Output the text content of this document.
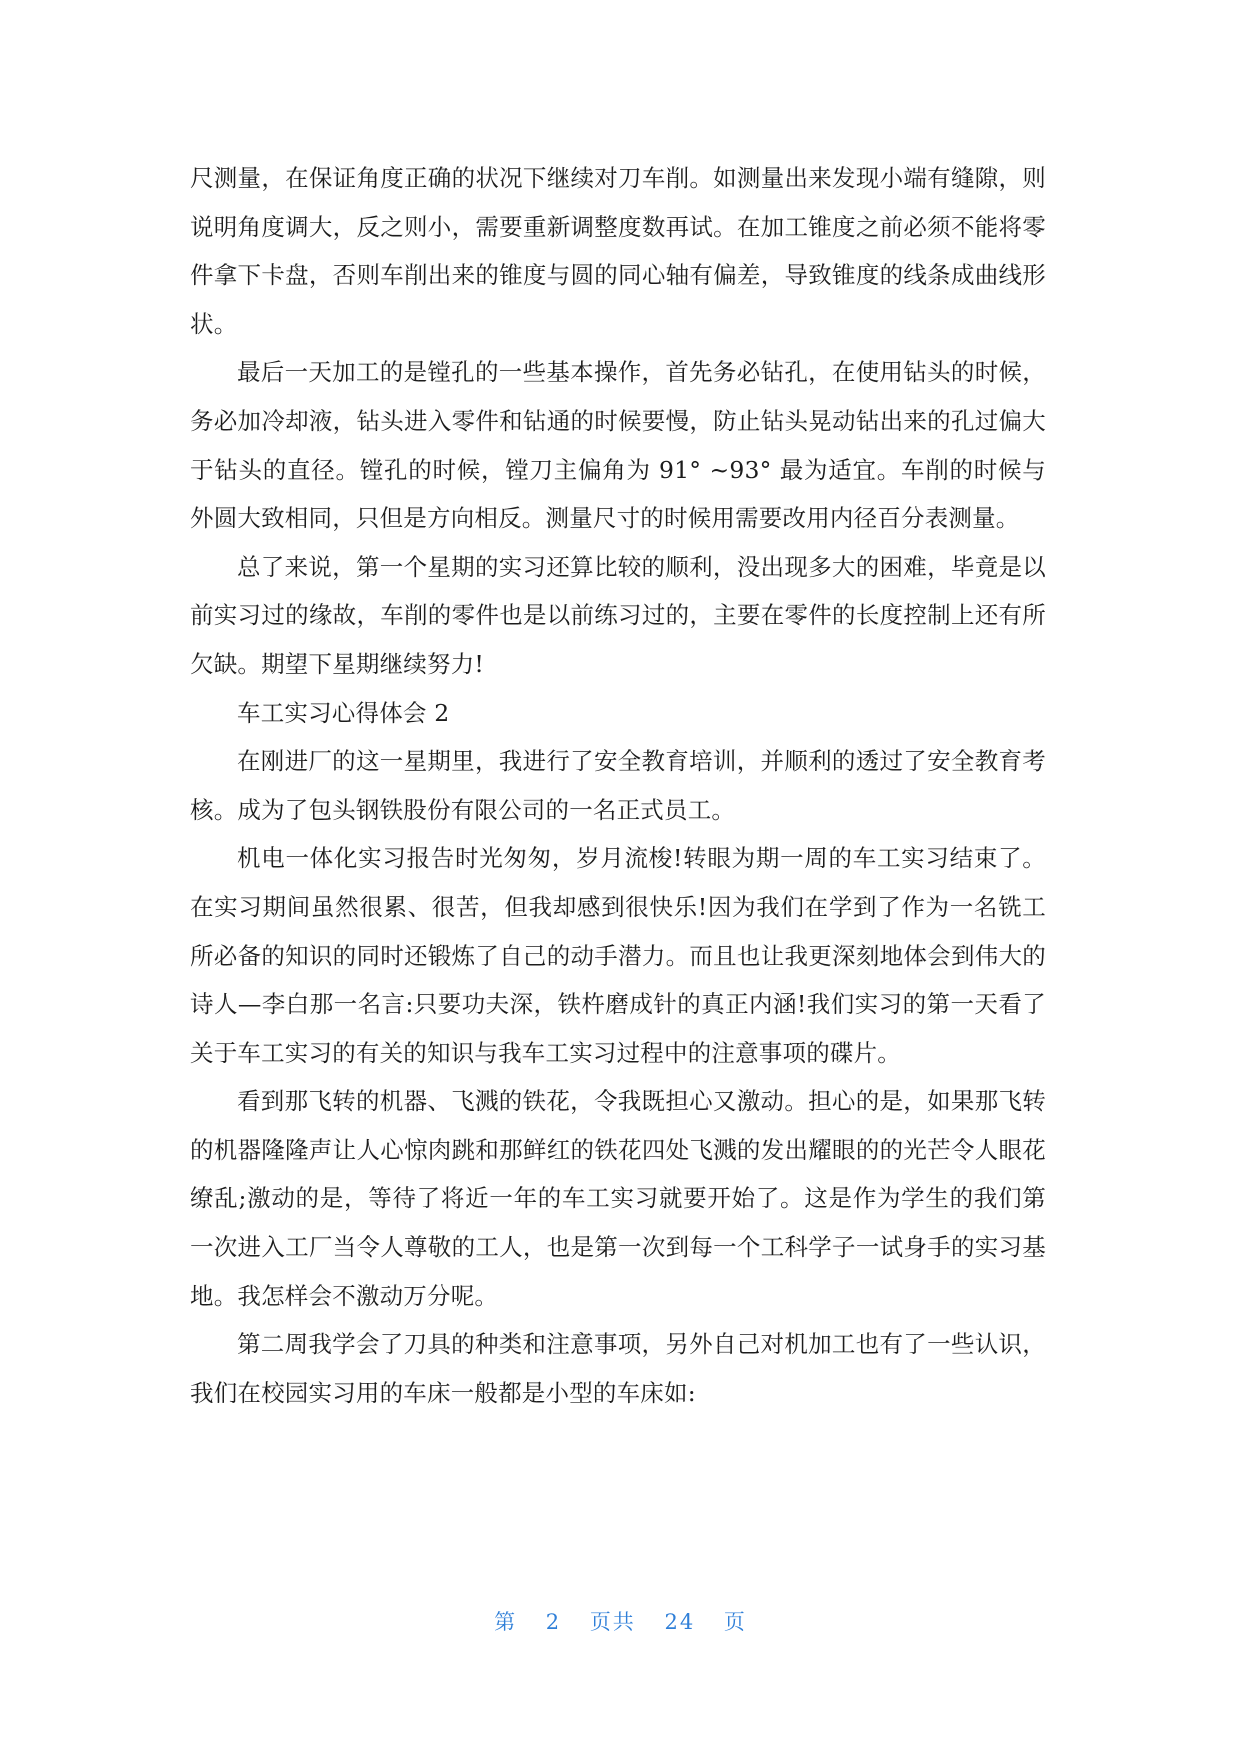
尺测量，在保证角度正确的状况下继续对刀车削。如测量出来发现小端有缝隙，则说明角度调大，反之则小，需要重新调整度数再试。在加工锥度之前必须不能将零件拿下卡盘，否则车削出来的锥度与圆的同心轴有偏差，导致锥度的线条成曲线形状。

最后一天加工的是镗孔的一些基本操作，首先务必钻孔，在使用钻头的时候，务必加冷却液，钻头进入零件和钻通的时候要慢，防止钻头晃动钻出来的孔过偏大于钻头的直径。镗孔的时候，镗刀主偏角为 91° ~93° 最为适宜。车削的时候与外圆大致相同，只但是方向相反。测量尺寸的时候用需要改用内径百分表测量。

总了来说，第一个星期的实习还算比较的顺利，没出现多大的困难，毕竟是以前实习过的缘故，车削的零件也是以前练习过的，主要在零件的长度控制上还有所欠缺。期望下星期继续努力!

车工实习心得体会 2

在刚进厂的这一星期里，我进行了安全教育培训，并顺利的透过了安全教育考核。成为了包头钢铁股份有限公司的一名正式员工。

机电一体化实习报告时光匆匆，岁月流梭!转眼为期一周的车工实习结束了。在实习期间虽然很累、很苦，但我却感到很快乐!因为我们在学到了作为一名铣工所必备的知识的同时还锻炼了自己的动手潜力。而且也让我更深刻地体会到伟大的诗人—李白那一名言:只要功夫深，铁杵磨成针的真正内涵!我们实习的第一天看了关于车工实习的有关的知识与我车工实习过程中的注意事项的碟片。

看到那飞转的机器、飞溅的铁花，令我既担心又激动。担心的是，如果那飞转的机器隆隆声让人心惊肉跳和那鲜红的铁花四处飞溅的发出耀眼的的光芒令人眼花缭乱;激动的是，等待了将近一年的车工实习就要开始了。这是作为学生的我们第一次进入工厂当令人尊敬的工人，也是第一次到每一个工科学子一试身手的实习基地。我怎样会不激动万分呢。

第二周我学会了刀具的种类和注意事项，另外自己对机加工也有了一些认识，我们在校园实习用的车床一般都是小型的车床如:

第 2 页共 24 页
